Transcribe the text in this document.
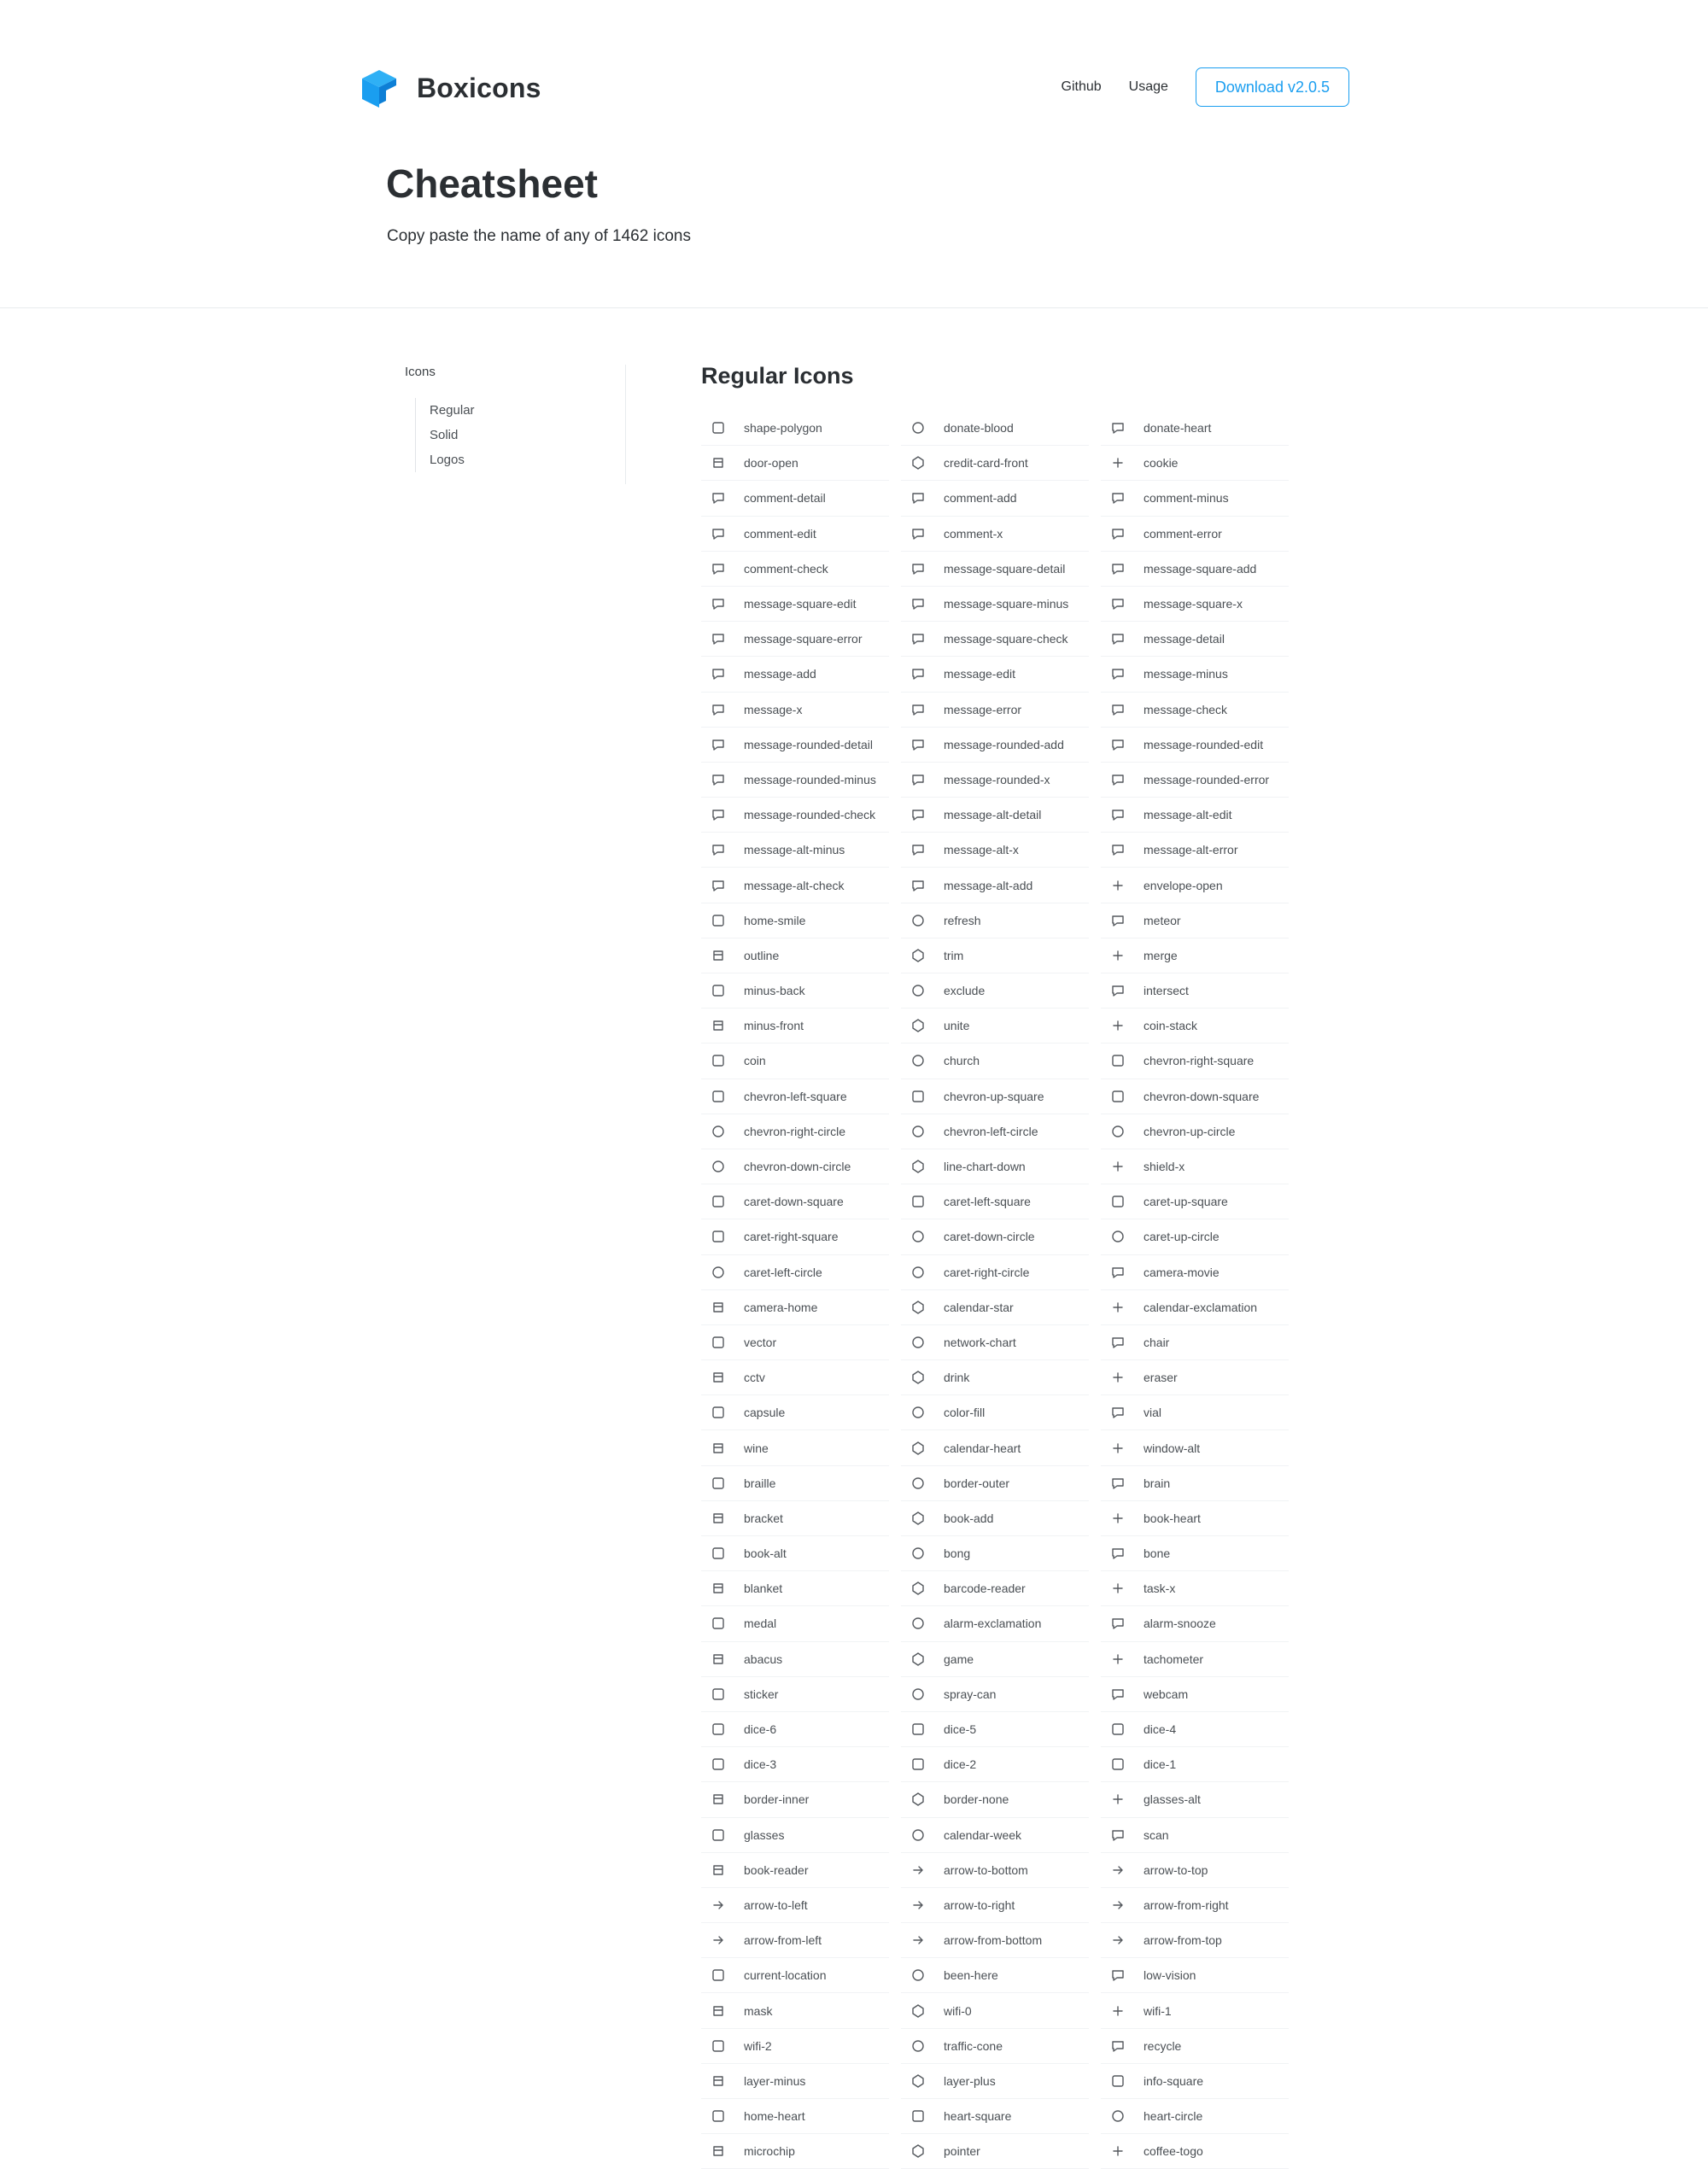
Boxicons	Github Usage	Download v2.0.5
Cheatsheet

Copy paste the name of any of 1462 icons

Icons
Regular
Solid
Logos
Regular Icons
shape-polygon	donate-blood	donate-heart
door-open	credit-card-front	cookie
comment-detail	comment-add	comment-minus
comment-edit	comment-x	comment-error
comment-check	message-square-detail	message-square-add
message-square-edit	message-square-minus	message-square-x
message-square-error	message-square-check	message-detail
message-add	message-edit	message-minus
message-x	message-error	message-check
message-rounded-detail	message-rounded-add	message-rounded-edit
message-rounded-minus	message-rounded-x	message-rounded-error
message-rounded-check	message-alt-detail	message-alt-edit
message-alt-minus	message-alt-x	message-alt-error
message-alt-check	message-alt-add	envelope-open
home-smile	refresh	meteor
outline	trim	merge
minus-back	exclude	intersect
minus-front	unite	coin-stack
coin	church	chevron-right-square
chevron-left-square	chevron-up-square	chevron-down-square
chevron-right-circle	chevron-left-circle	chevron-up-circle
chevron-down-circle	line-chart-down	shield-x
caret-down-square	caret-left-square	caret-up-square
caret-right-square	caret-down-circle	caret-up-circle
caret-left-circle	caret-right-circle	camera-movie
camera-home	calendar-star	calendar-exclamation
vector	network-chart	chair
cctv	drink	eraser
capsule	color-fill	vial
wine	calendar-heart	window-alt
braille	border-outer	brain
bracket	book-add	book-heart
book-alt	bong	bone
blanket	barcode-reader	task-x
medal	alarm-exclamation	alarm-snooze
abacus	game	tachometer
sticker	spray-can	webcam
dice-6	dice-5	dice-4
dice-3	dice-2	dice-1
border-inner	border-none	glasses-alt
glasses	calendar-week	scan
book-reader	arrow-to-bottom	arrow-to-top
arrow-to-left	arrow-to-right	arrow-from-right
arrow-from-left	arrow-from-bottom	arrow-from-top
current-location	been-here	low-vision
mask	wifi-0	wifi-1
wifi-2	traffic-cone	recycle
layer-minus	layer-plus	info-square
home-heart	heart-square	heart-circle
microchip	pointer	coffee-togo
